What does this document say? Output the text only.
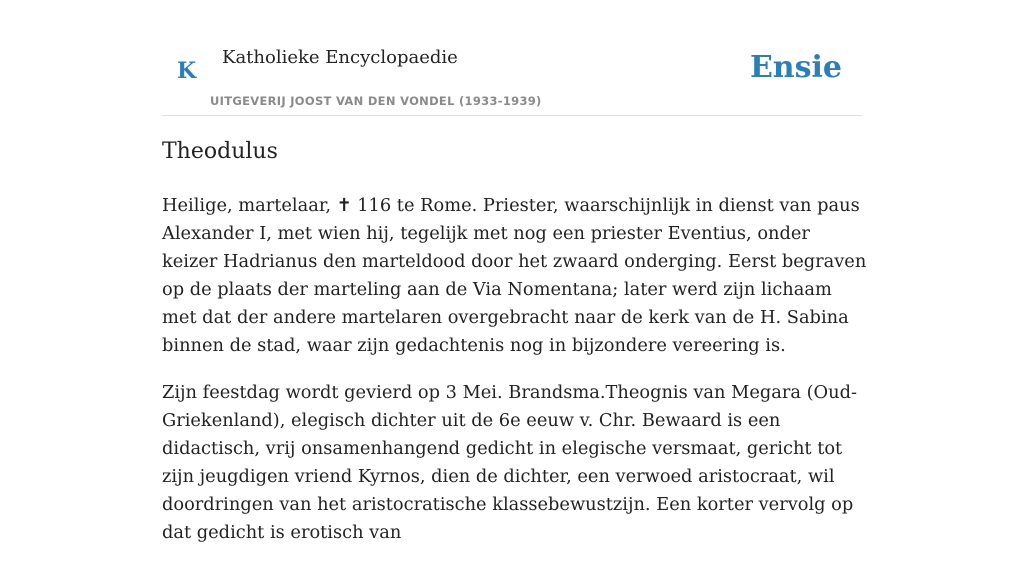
K
Katholieke Encyclopaedie
UITGEVERIJ JOOST VAN DEN VONDEL (1933-1939)
Ensie
Theodulus

Heilige, martelaar, ✝ 116 te Rome. Priester, waarschijnlijk in dienst van paus Alexander I, met wien hij, tegelijk met nog een priester Eventius, onder keizer Hadrianus den marteldood door het zwaard onderging. Eerst begraven op de plaats der marteling aan de Via Nomentana; later werd zijn lichaam met dat der andere martelaren overgebracht naar de kerk van de H. Sabina binnen de stad, waar zijn gedachtenis nog in bijzondere vereering is.

Zijn feestdag wordt gevierd op 3 Mei. Brandsma.Theognis van Megara (Oud-Griekenland), elegisch dichter uit de 6e eeuw v. Chr. Bewaard is een didactisch, vrij onsamenhangend gedicht in elegische versmaat, gericht tot zijn jeugdigen vriend Kyrnos, dien de dichter, een verwoed aristocraat, wil doordringen van het aristocratische klassebewustzijn. Een korter vervolg op dat gedicht is erotisch van
